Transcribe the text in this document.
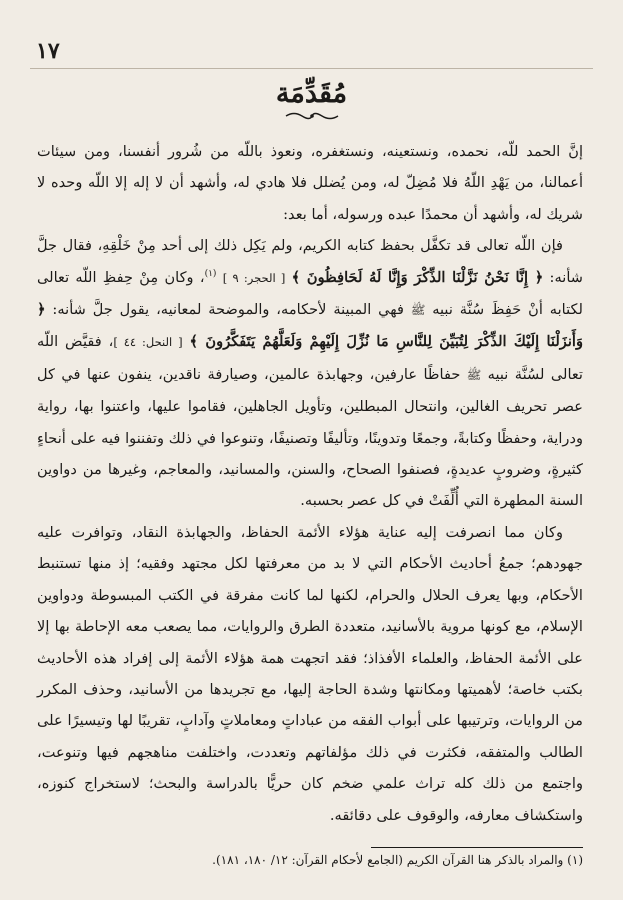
١٧
مُقَدِّمَة

إنَّ الحمد للّه، نحمده، ونستعينه، ونستغفره، ونعوذ باللّه من شُرور أنفسنا، ومن سيئات أعمالنا، من يَهْدِ اللّهُ فلا مُضِلّ له، ومن يُضلل فلا هادي له، وأشهد أن لا إله إلا اللّه وحده لا شريك له، وأشهد أن محمدًا عبده ورسوله، أما بعد:

فإن اللّه تعالى قد تكفَّل بحفظ كتابه الكريم، ولم يَكِل ذلك إلى أحد مِنْ خَلْقِهِ، فقال جلَّ شأنه: ﴿ إِنَّا نَحْنُ نَزَّلْنَا الذِّكْرَ وَإِنَّا لَهُ لَحَافِظُونَ ﴾ [ الحجر: ٩ ] $^{(١)}$، وكان مِنْ حِفظِ اللّه تعالى لكتابه أنْ حَفِظَ سُنَّة نبيه ﷺ فهي المبينة لأحكامه، والموضحة لمعانيه، يقول جلَّ شأنه: ﴿ وَأَنزَلْنَا إِلَيْكَ الذِّكْرَ لِتُبَيِّنَ لِلنَّاسِ مَا نُزِّلَ إِلَيْهِمْ وَلَعَلَّهُمْ يَتَفَكَّرُونَ ﴾ [ النحل: ٤٤ ]، فقيَّض اللّه تعالى لسُنَّة نبيه ﷺ حفاظًا عارفين، وجهابذة عالمين، وصيارفة ناقدين، ينفون عنها في كل عصر تحريف الغالين، وانتحال المبطلين، وتأويل الجاهلين، فقاموا عليها، واعتنوا بها، رواية ودراية، وحفظًا وكتابةً، وجمعًا وتدوينًا، وتأليفًا وتصنيفًا، وتنوعوا في ذلك وتفننوا فيه على أنحاءٍ كثيرةٍ، وضروبٍ عديدةٍ، فصنفوا الصحاح، والسنن، والمسانيد، والمعاجم، وغيرها من دواوين السنة المطهرة التي أُلِّفَتْ في كل عصر بحسبه.

وكان مما انصرفت إليه عناية هؤلاء الأئمة الحفاظ، والجهابذة النقاد، وتوافرت عليه جهودهم؛ جمعُ أحاديث الأحكام التي لا بد من معرفتها لكل مجتهد وفقيه؛ إذ منها تستنبط الأحكام، وبها يعرف الحلال والحرام، لكنها لما كانت مفرقة في الكتب المبسوطة ودواوين الإسلام، مع كونها مروية بالأسانيد، متعددة الطرق والروايات، مما يصعب معه الإحاطة بها إلا على الأئمة الحفاظ، والعلماء الأفذاذ؛ فقد اتجهت همة هؤلاء الأئمة إلى إفراد هذه الأحاديث بكتب خاصة؛ لأهميتها ومكانتها وشدة الحاجة إليها، مع تجريدها من الأسانيد، وحذف المكرر من الروايات، وترتيبها على أبواب الفقه من عباداتٍ ومعاملاتٍ وآدابٍ، تقريبًا لها وتيسيرًا على الطالب والمتفقه، فكثرت في ذلك مؤلفاتهم وتعددت، واختلفت مناهجهم فيها وتنوعت، واجتمع من ذلك كله تراث علمي ضخم كان حريًّا بالدراسة والبحث؛ لاستخراج كنوزه، واستكشاف معارفه، والوقوف على دقائقه.

(١) والمراد بالذكر هنا القرآن الكريم (الجامع لأحكام القرآن: ١٢/ ١٨٠، ١٨١).
